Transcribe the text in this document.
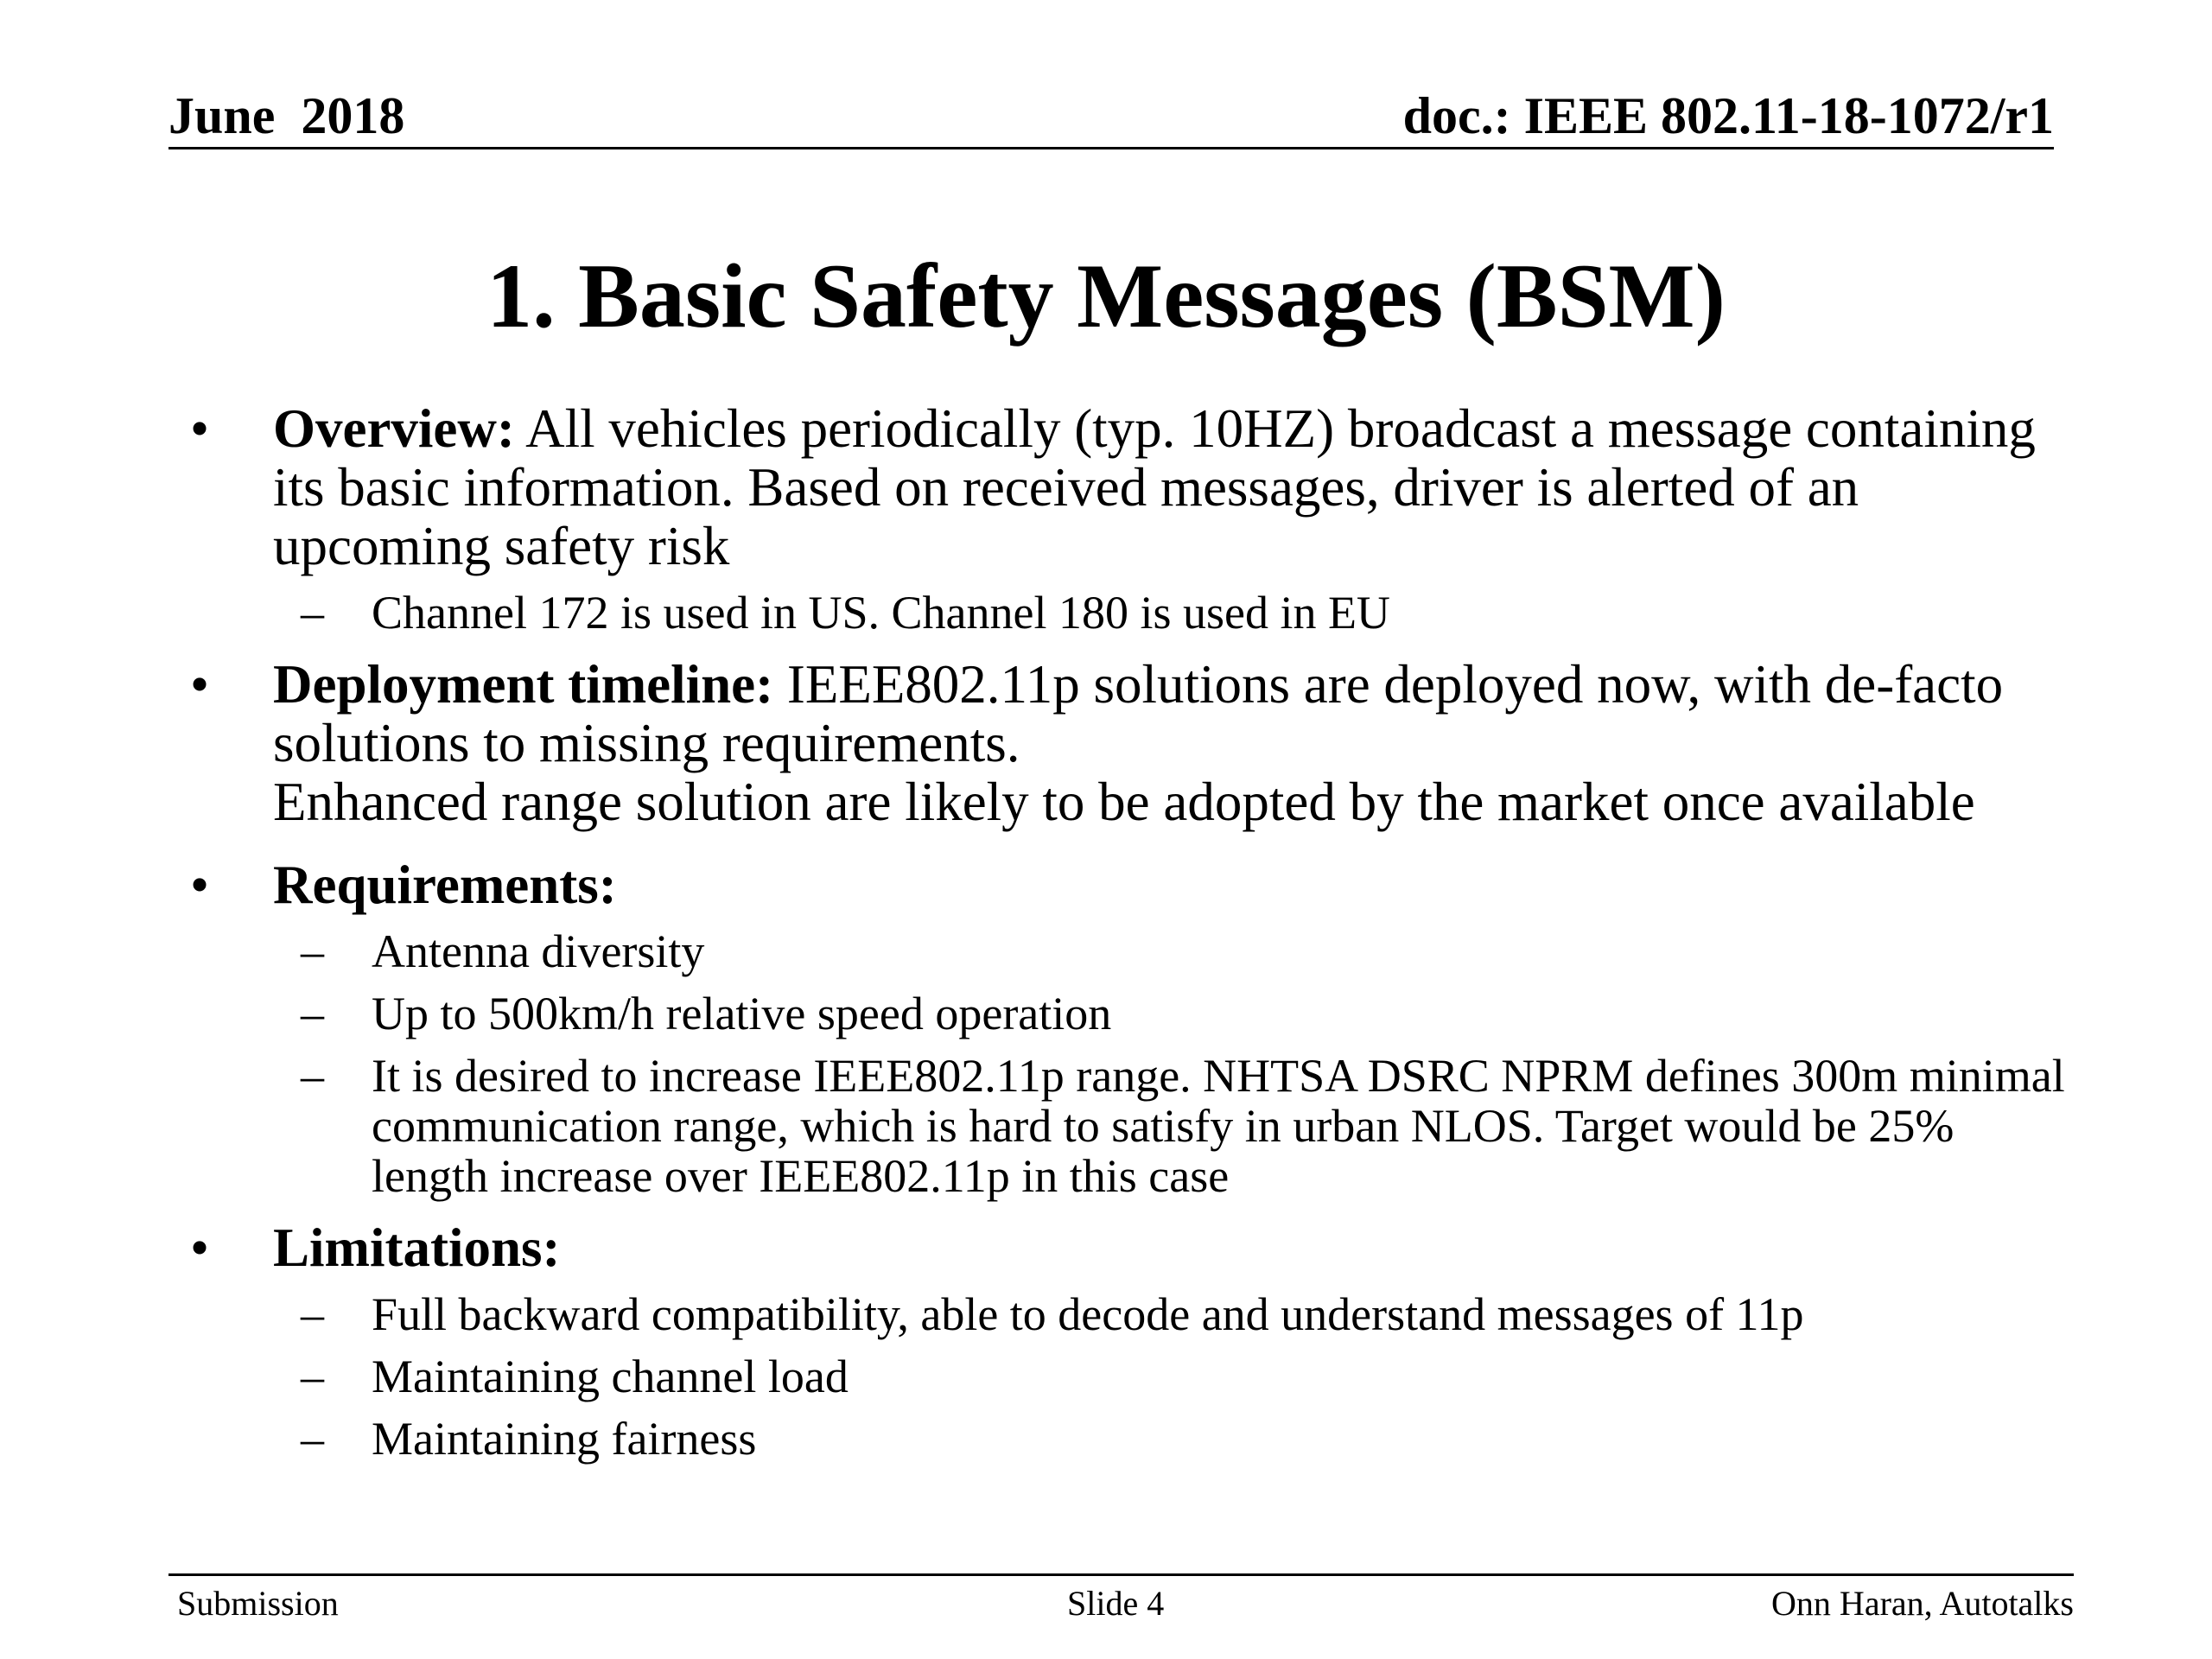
June  2018	doc.: IEEE 802.11-18-1072/r1
1. Basic Safety Messages (BSM)
• Overview: All vehicles periodically (typ. 10HZ) broadcast a message containing its basic information. Based on received messages, driver is alerted of an upcoming safety risk
– Channel 172 is used in US. Channel 180 is used in EU
• Deployment timeline: IEEE802.11p solutions are deployed now, with de-facto solutions to missing requirements.
Enhanced range solution are likely to be adopted by the market once available
• Requirements:
– Antenna diversity
– Up to 500km/h relative speed operation
– It is desired to increase IEEE802.11p range. NHTSA DSRC NPRM defines 300m minimal communication range, which is hard to satisfy in urban NLOS. Target would be 25% length increase over IEEE802.11p in this case
• Limitations:
– Full backward compatibility, able to decode and understand messages of 11p
– Maintaining channel load
– Maintaining fairness
Submission	Slide 4	Onn Haran, Autotalks
